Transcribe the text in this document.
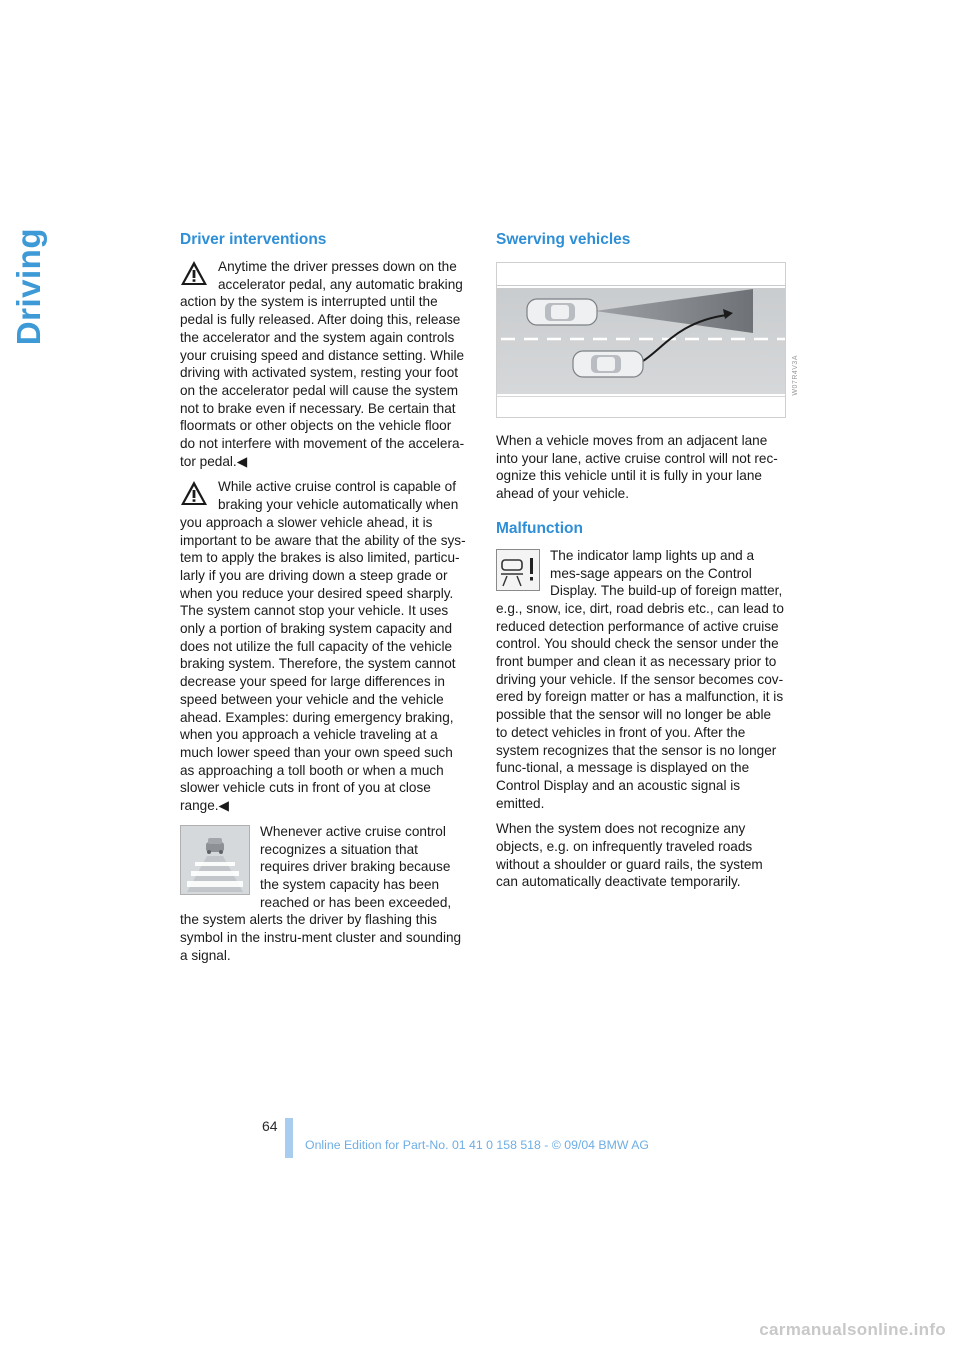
Driving	Driver interventions

Anytime the driver presses down on the accelerator pedal, any automatic braking action by the system is interrupted until the pedal is fully released. After doing this, release the accelerator and the system again controls your cruising speed and distance setting. While driving with activated system, resting your foot on the accelerator pedal will cause the system not to brake even if necessary. Be certain that floormats or other objects on the vehicle floor do not interfere with movement of the accelera-tor pedal.◀

While active cruise control is capable of braking your vehicle automatically when you approach a slower vehicle ahead, it is important to be aware that the ability of the sys-tem to apply the brakes is also limited, particu-larly if you are driving down a steep grade or when you reduce your desired speed sharply. The system cannot stop your vehicle. It uses only a portion of braking system capacity and does not utilize the full capacity of the vehicle braking system. Therefore, the system cannot decrease your speed for large differences in speed between your vehicle and the vehicle ahead. Examples: during emergency braking, when you approach a vehicle traveling at a much lower speed than your own speed such as approaching a toll booth or when a much slower vehicle cuts in front of you at close range.◀

Whenever active cruise control recognizes a situation that requires driver braking because the system capacity has been reached or has been exceeded, the system alerts the driver by flashing this symbol in the instru-ment cluster and sounding a signal.

Swerving vehicles

When a vehicle moves from an adjacent lane into your lane, active cruise control will not rec-ognize this vehicle until it is fully in your lane ahead of your vehicle.

Malfunction

The indicator lamp lights up and a mes-sage appears on the Control Display. The build-up of foreign matter, e.g., snow, ice, dirt, road debris etc., can lead to reduced detection performance of active cruise control. You should check the sensor under the front bumper and clean it as necessary prior to driving your vehicle. If the sensor becomes cov-ered by foreign matter or has a malfunction, it is possible that the sensor will no longer be able to detect vehicles in front of you. After the system recognizes that the sensor is no longer func-tional, a message is displayed on the Control Display and an acoustic signal is emitted.

When the system does not recognize any objects, e.g. on infrequently traveled roads without a shoulder or guard rails, the system can automatically deactivate temporarily.

W07R4V3A
64
Online Edition for Part-No. 01 41 0 158 518 - © 09/04 BMW AG
carmanualsonline.info
